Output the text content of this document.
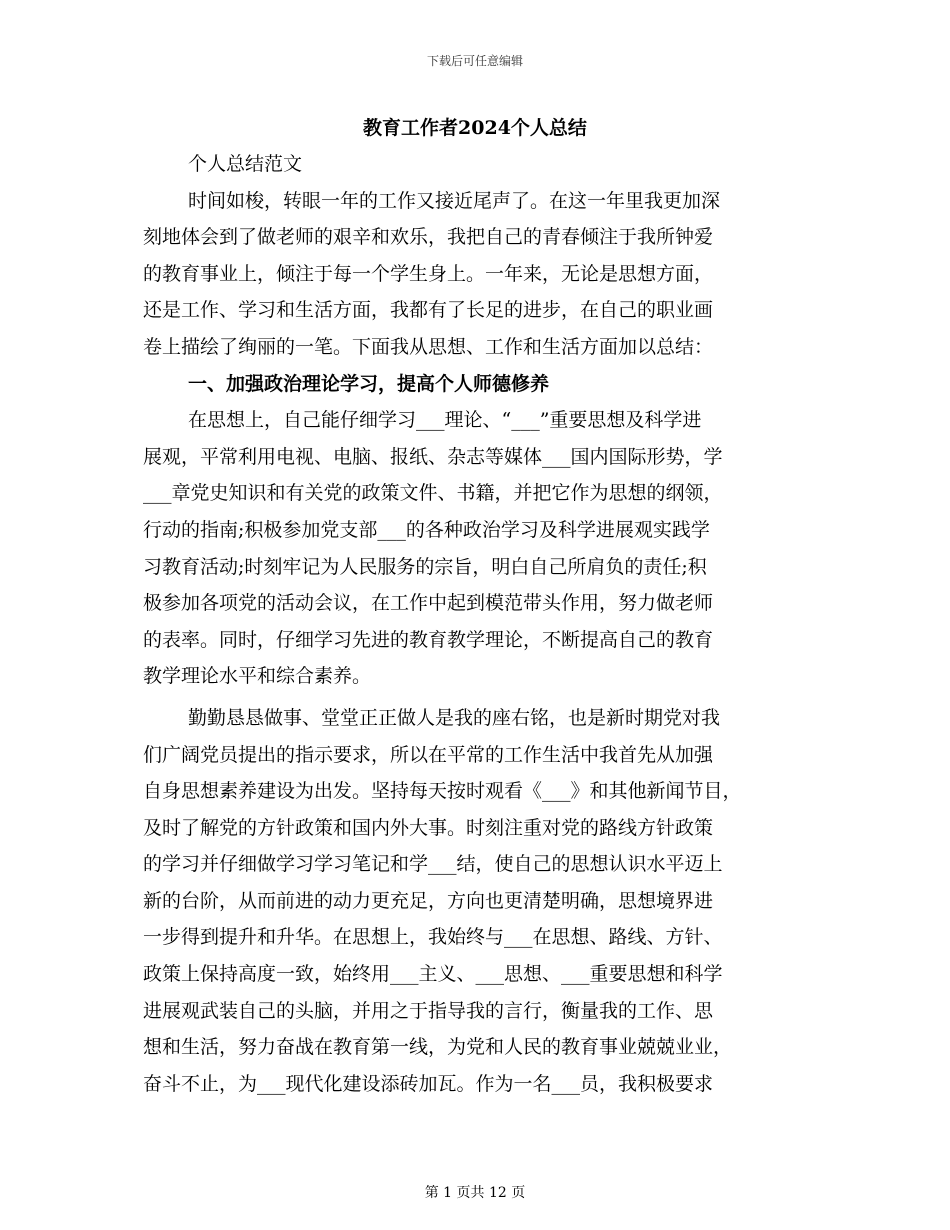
下载后可任意编辑
教育工作者2024个人总结
个人总结范文
时间如梭，转眼一年的工作又接近尾声了。在这一年里我更加深
刻地体会到了做老师的艰辛和欢乐，我把自己的青春倾注于我所钟爱
的教育事业上，倾注于每一个学生身上。一年来，无论是思想方面，
还是工作、学习和生活方面，我都有了长足的进步，在自己的职业画
卷上描绘了绚丽的一笔。下面我从思想、工作和生活方面加以总结：
一、加强政治理论学习，提高个人师德修养
在思想上，自己能仔细学习___理论、“___”重要思想及科学进
展观，平常利用电视、电脑、报纸、杂志等媒体___国内国际形势，学
___章党史知识和有关党的政策文件、书籍，并把它作为思想的纲领，
行动的指南;积极参加党支部___的各种政治学习及科学进展观实践学
习教育活动;时刻牢记为人民服务的宗旨，明白自己所肩负的责任;积
极参加各项党的活动会议，在工作中起到模范带头作用，努力做老师
的表率。同时，仔细学习先进的教育教学理论，不断提高自己的教育
教学理论水平和综合素养。
勤勤恳恳做事、堂堂正正做人是我的座右铭，也是新时期党对我
们广阔党员提出的指示要求，所以在平常的工作生活中我首先从加强
自身思想素养建设为出发。坚持每天按时观看《___》和其他新闻节目，
及时了解党的方针政策和国内外大事。时刻注重对党的路线方针政策
的学习并仔细做学习学习笔记和学___结，使自己的思想认识水平迈上
新的台阶，从而前进的动力更充足，方向也更清楚明确，思想境界进
一步得到提升和升华。在思想上，我始终与___在思想、路线、方针、
政策上保持高度一致，始终用___主义、___思想、___重要思想和科学
进展观武装自己的头脑，并用之于指导我的言行，衡量我的工作、思
想和生活，努力奋战在教育第一线，为党和人民的教育事业兢兢业业，
奋斗不止，为___现代化建设添砖加瓦。作为一名___员，我积极要求
第 1 页共 12 页
